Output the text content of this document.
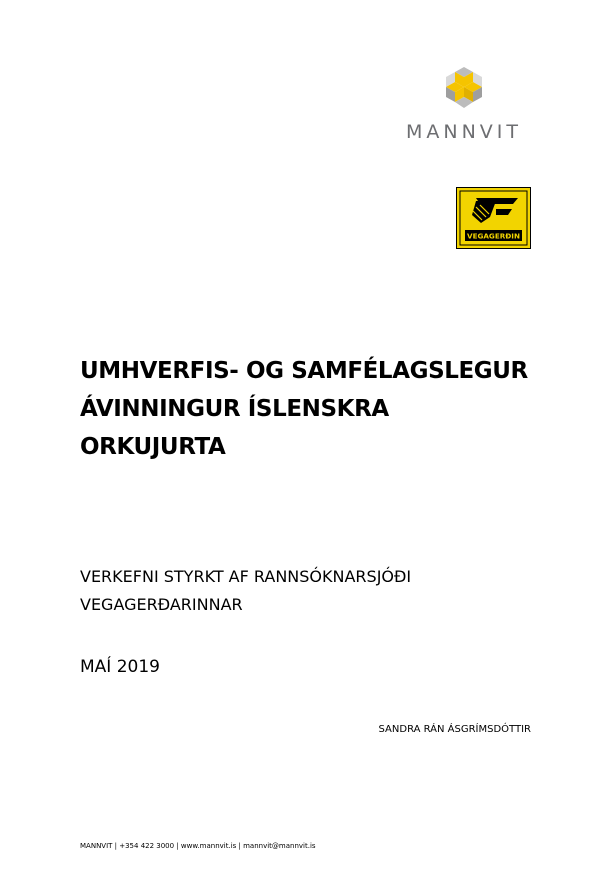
MANNVIT
VEGAGERÐIN
UMHVERFIS- OG SAMFÉLAGSLEGUR
ÁVINNINGUR ÍSLENSKRA
ORKUJURTA
VERKEFNI STYRKT AF RANNSÓKNARSJÓÐI
VEGAGERÐARINNAR
MAÍ 2019
SANDRA RÁN ÁSGRÍMSDÓTTIR
MANNVIT | +354 422 3000 | www.mannvit.is | mannvit@mannvit.is
